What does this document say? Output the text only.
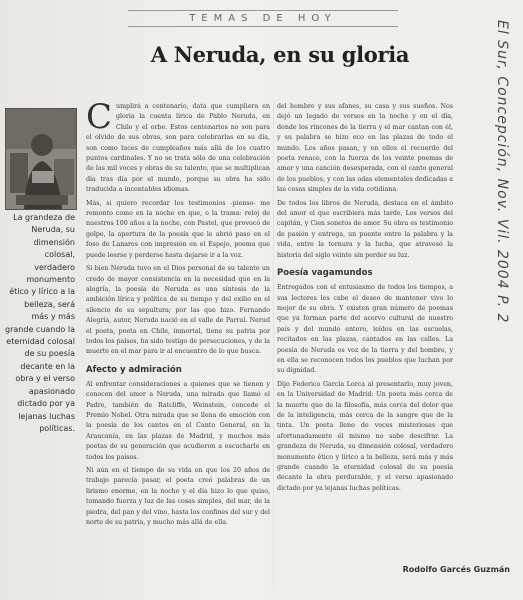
TEMAS DE HOY
A Neruda, en su gloria
La grandeza de Neruda, su dimensión colosal, verdadero monumento ético y lírico a la belleza, será más y más grande cuando la eternidad colosal de su poesía decante en la obra y el verso apasionado dictado por ya lejanas luchas políticas.
C umplirá a centenario, data que cumpliera en gloria la cuenta lírica de Pablo Neruda, en Chile y el orbe. Estos centenarios no son para el olvido de sus obras, son para celebrarlas en su día, son como luces de cumpleaños más allá de los cuatro puntos cardinales. Y no se trata sólo de una celebración de las mil voces y obras de su talento, que se multiplican día tras día por el mundo, porque su obra ha sido traducida a incontables idiomas.

Más, si quiero recordar los testimonios -pienso- me remonto como en la noche en que, o la trama: reloj de nuestros 100 años a la noche, con Pastel, que provocó de golpe, la apertura de la poesía que le abrió paso en el foso de Lanares con impresión en el Espejo, poema que puede leerse y perderse hasta dejarse ir a la voz.

Si bien Neruda tuvo en el Dios personal de su talento un credo de mayor consistencia en la necesidad que en la alegría, la poesía de Neruda es una síntesis de la ambición lírica y política de su tiempo y del exilio en el silencio de su sepultura; por las que hizo. Fernando Alegría, autor, Neruda nació en el valle de Parral. Nerud el poeta, poeta en Chile, inmortal, tiene su patria por todos los países, ha sido testigo de persecuciones, y de la muerte en el mar para ir al encuentro de lo que busca.

Afecto y admiración

Al enfrentar consideraciones a quienes que se tienen y conocen del amor a Neruda, una mirada que llamó el Padre, también de Ratcliffe, Weinstein, concede el Premio Nobel. Otra mirada que se llena de emoción con la poesía de los cantos en el Canto General, en la Araucanía, en las plazas de Madrid, y muchos más poetas de su generación que acudieron a escucharle en todos los países.

Ni aún en el tiempo de su vida en que los 20 años de trabajo parecía pasar, el poeta creó palabras de un lirismo enorme, en la noche y el día hizo lo que quiso, tomando fuerza y luz de las cosas simples, del mar, de la piedra, del pan y del vino, hasta los confines del sur y del norte de su patria, y mucho más allá de ella.

del hombre y sus afanes, su casa y sus sueños. Nos dejó un legado de versos en la noche y en el día, donde los rincones de la tierra y el mar cantan con él, y su palabra se hizo eco en las plazas de todo el mundo. Los años pasan, y en ellos el recuerdo del poeta renace, con la fuerza de los veinte poemas de amor y una canción desesperada, con el canto general de los pueblos, y con las odas elementales dedicadas a las cosas simples de la vida cotidiana.

De todos los libros de Neruda, destaca en el ámbito del amor el que escribiera más tarde, Los versos del capitán, y Cien sonetos de amor. Su obra es testimonio de pasión y entrega, un puente entre la palabra y la vida, entre la ternura y la lucha, que atravesó la historia del siglo veinte sin perder su luz.

Poesía vagamundos

Entregados con el entusiasmo de todos los tiempos, a sus lectores les cabe el deseo de mantener vivo lo mejor de su obra. Y existen gran número de poemas que ya forman parte del acervo cultural de nuestro país y del mundo entero, leídos en las escuelas, recitados en las plazas, cantados en las calles. La poesía de Neruda es voz de la tierra y del hombre, y en ella se reconocen todos los pueblos que luchan por su dignidad.

Dijo Federico García Lorca al presentarlo, muy joven, en la Universidad de Madrid: Un poeta más cerca de la muerte que de la filosofía, más cerca del dolor que de la inteligencia, más cerca de la sangre que de la tinta. Un poeta lleno de voces misteriosas que afortunadamente él mismo no sabe descifrar. La grandeza de Neruda, su dimensión colosal, verdadero monumento ético y lírico a la belleza, será más y más grande cuando la eternidad colosal de su poesía decante la obra perdurable, y el verso apasionado dictado por ya lejanas luchas políticas.

Rodolfo Garcés Guzmán
El Sur, Concepción, Nov. Vil. 2004 P. 2
